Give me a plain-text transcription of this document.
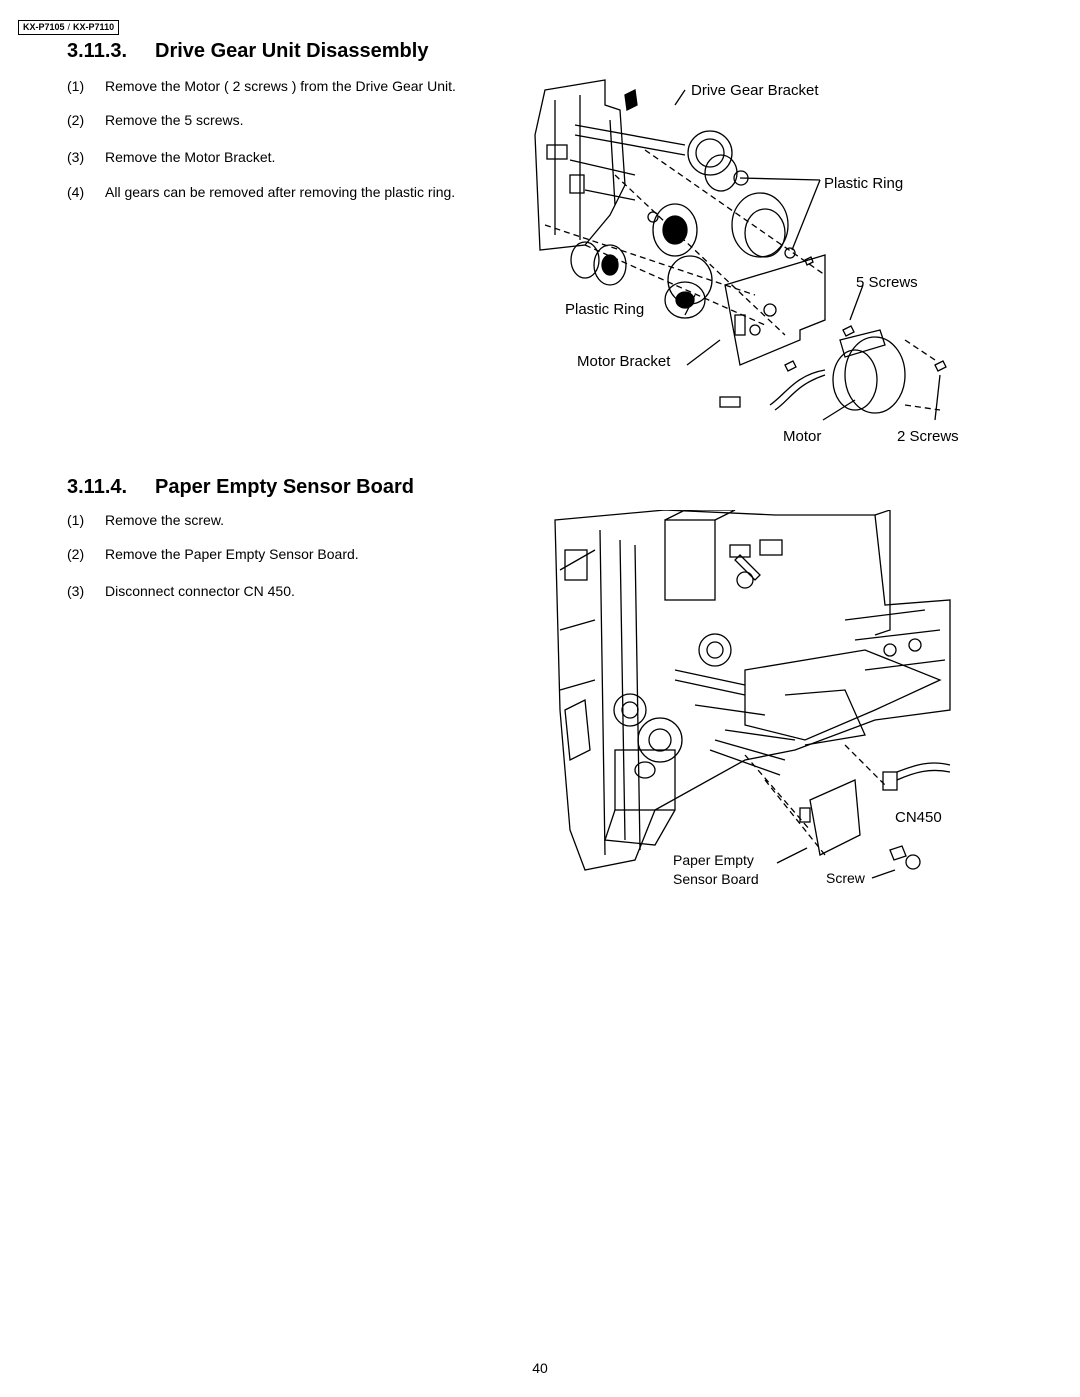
KX-P7105 / KX-P7110
3.11.3. Drive Gear Unit Disassembly
(1) Remove the Motor ( 2 screws ) from the Drive Gear Unit.
(2) Remove the 5 screws.
(3) Remove the Motor Bracket.
(4) All gears can be removed after removing the plastic ring.
Drive Gear Bracket
Plastic Ring
5 Screws
Plastic Ring
Motor Bracket
Motor	2 Screws
3.11.4. Paper Empty Sensor Board
(1) Remove the screw.
(2) Remove the Paper Empty Sensor Board.
(3) Disconnect connector CN 450.
CN450
Paper Empty
Sensor Board	Screw
40
